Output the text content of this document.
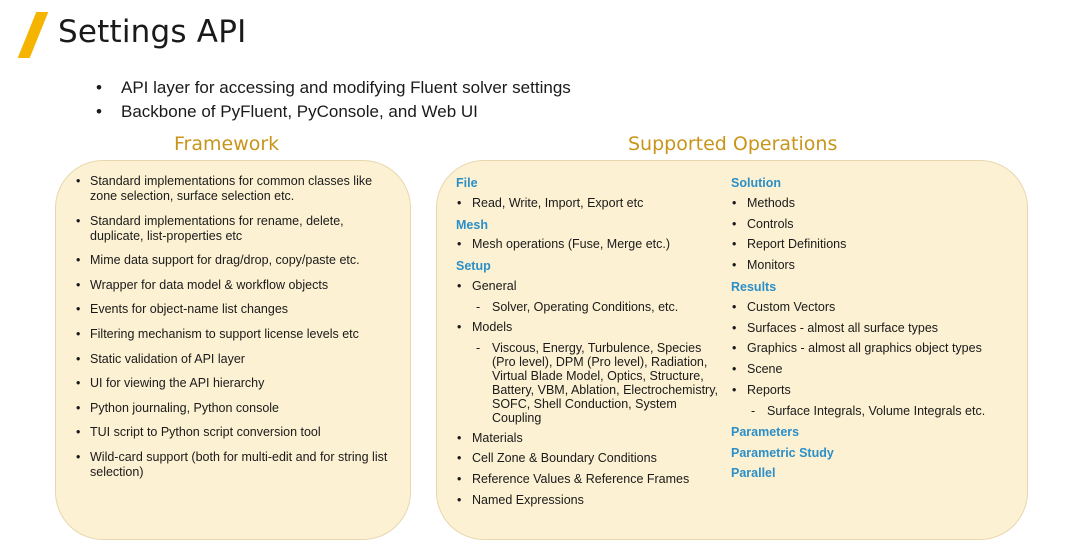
Settings API
• API layer for accessing and modifying Fluent solver settings
• Backbone of PyFluent, PyConsole, and Web UI
Framework	Supported Operations
• Standard implementations for common classes like zone selection, surface selection etc.
• Standard implementations for rename, delete, duplicate, list-properties etc
• Mime data support for drag/drop, copy/paste etc.
• Wrapper for data model & workflow objects
• Events for object-name list changes
• Filtering mechanism to support license levels etc
• Static validation of API layer
• UI for viewing the API hierarchy
• Python journaling, Python console
• TUI script to Python script conversion tool
• Wild-card support (both for multi-edit and for string list selection)
File
• Read, Write, Import, Export etc
Mesh
• Mesh operations (Fuse, Merge etc.)
Setup
• General
- Solver, Operating Conditions, etc.
• Models
- Viscous, Energy, Turbulence, Species (Pro level), DPM (Pro level), Radiation, Virtual Blade Model, Optics, Structure, Battery, VBM, Ablation, Electrochemistry, SOFC, Shell Conduction, System Coupling
• Materials
• Cell Zone & Boundary Conditions
• Reference Values & Reference Frames
• Named Expressions
Solution
• Methods
• Controls
• Report Definitions
• Monitors
Results
• Custom Vectors
• Surfaces - almost all surface types
• Graphics - almost all graphics object types
• Scene
• Reports
- Surface Integrals, Volume Integrals etc.
Parameters
Parametric Study
Parallel
